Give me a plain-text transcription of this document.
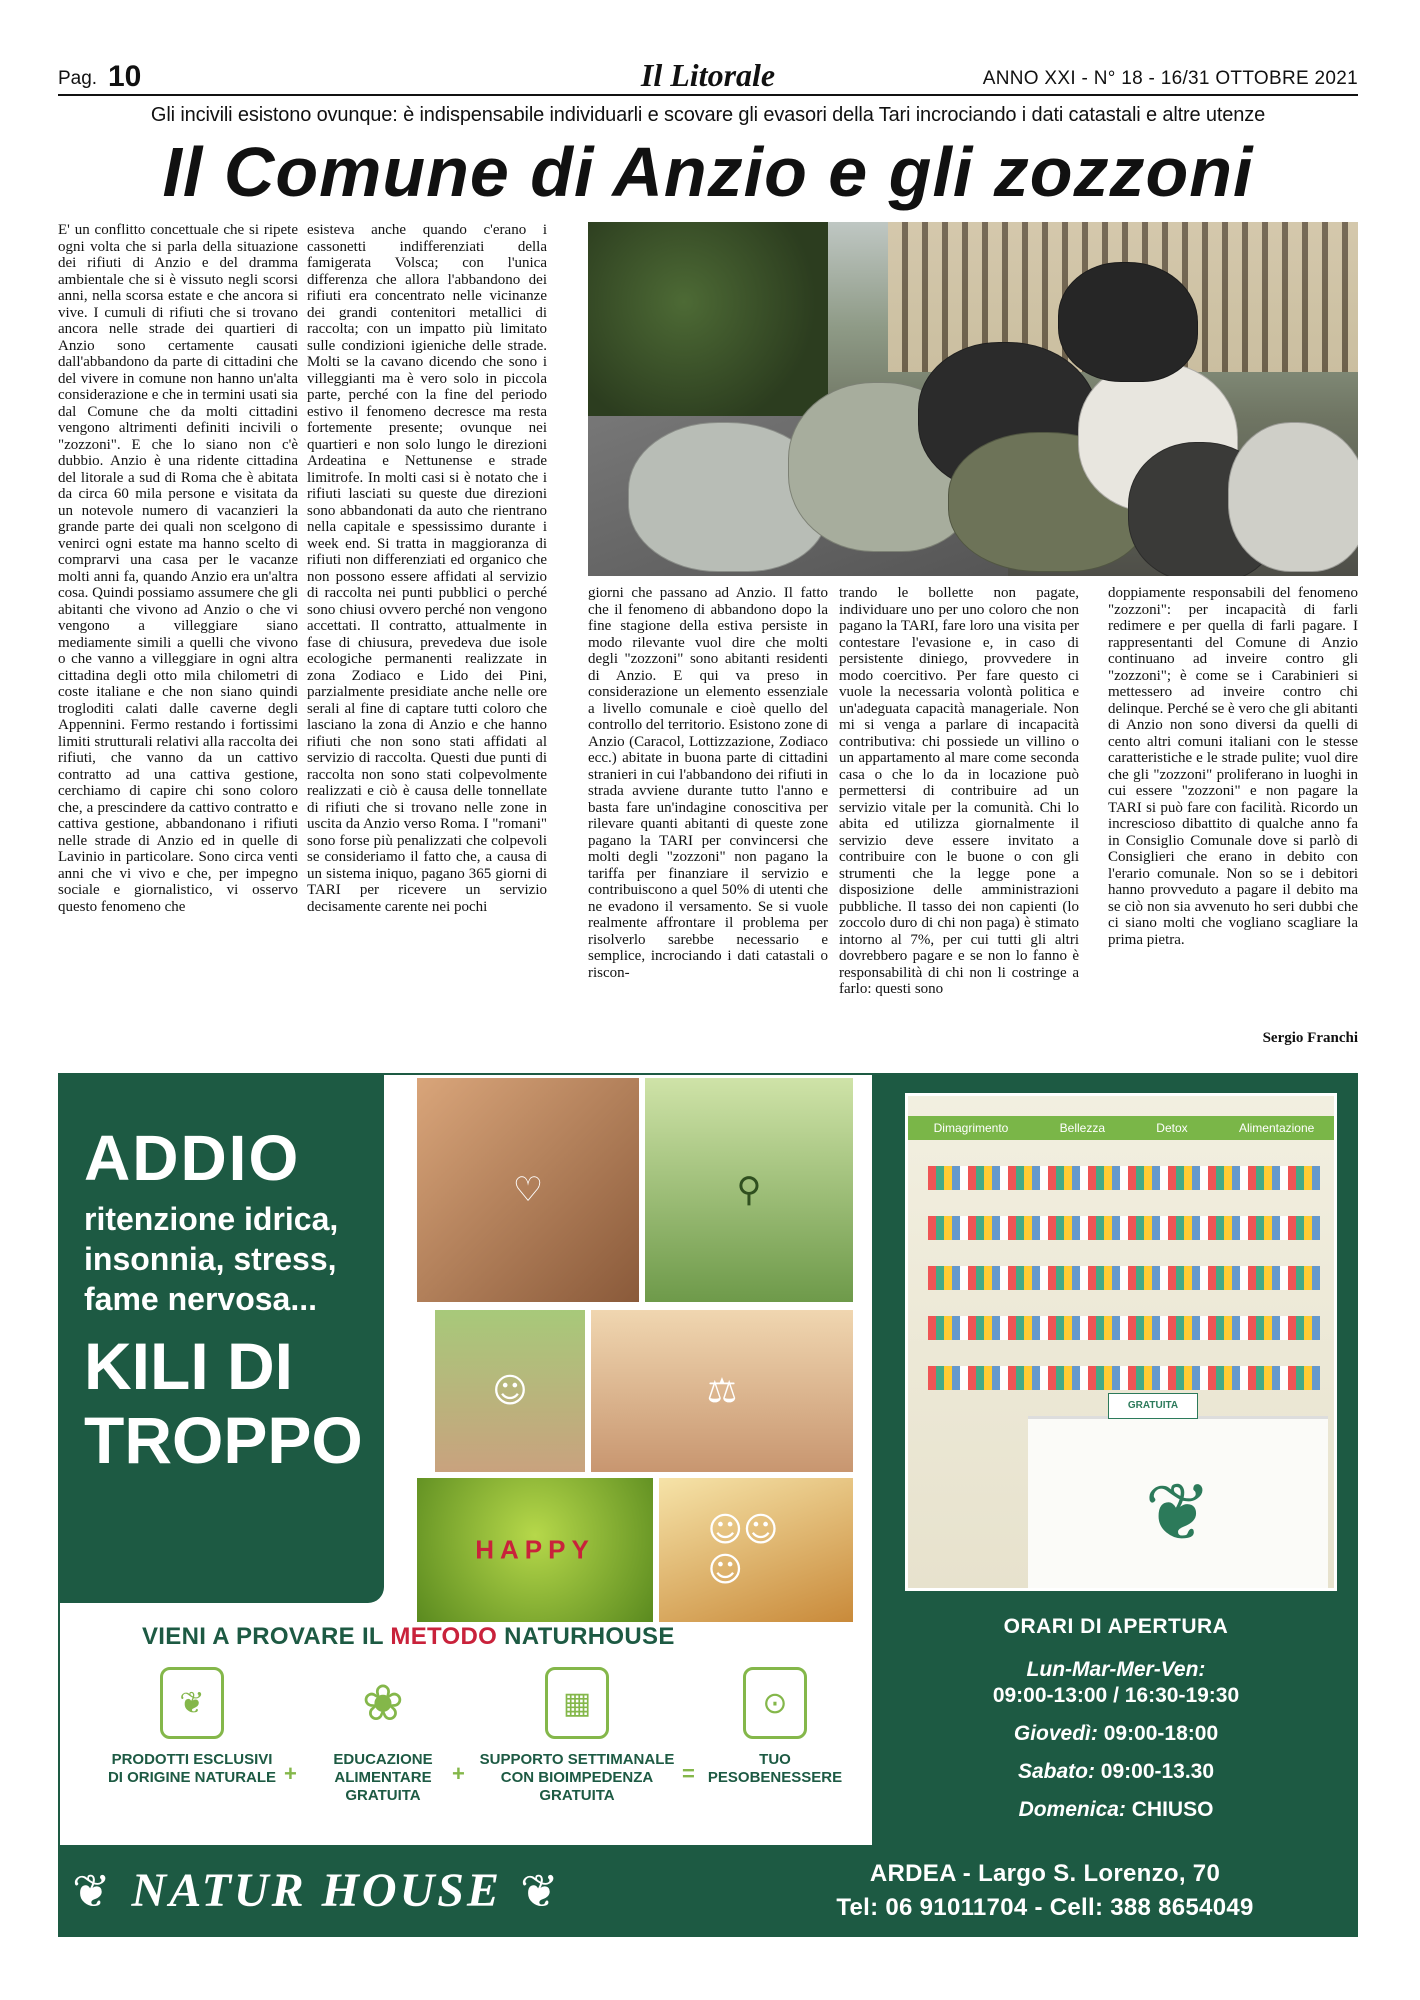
Pag. 10	Il Litorale	ANNO XXI - N° 18 - 16/31 OTTOBRE 2021
Gli incivili esistono ovunque: è indispensabile individuarli e scovare gli evasori della Tari incrociando i dati catastali e altre utenze
Il Comune di Anzio e gli zozzoni

E' un conflitto concettuale che si ripete ogni volta che si parla della situazione dei rifiuti di Anzio e del dramma ambientale che si è vissuto negli scorsi anni, nella scorsa estate e che ancora si vive. I cumuli di rifiuti che si trovano ancora nelle strade dei quartieri di Anzio sono certamente causati dall'abbandono da parte di cittadini che del vivere in comune non hanno un'alta considerazione e che in termini usati sia dal Comune che da molti cittadini vengono altrimenti definiti incivili o "zozzoni". E che lo siano non c'è dubbio. Anzio è una ridente cittadina del litorale a sud di Roma che è abitata da circa 60 mila persone e visitata da un notevole numero di vacanzieri la grande parte dei quali non scelgono di venirci ogni estate ma hanno scelto di comprarvi una casa per le vacanze molti anni fa, quando Anzio era un'altra cosa. Quindi possiamo assumere che gli abitanti che vivono ad Anzio o che vi vengono a villeggiare siano mediamente simili a quelli che vivono o che vanno a villeggiare in ogni altra cittadina degli otto mila chilometri di coste italiane e che non siano quindi trogloditi calati dalle caverne degli Appennini. Fermo restando i fortissimi limiti strutturali relativi alla raccolta dei rifiuti, che vanno da un cattivo contratto ad una cattiva gestione, cerchiamo di capire chi sono coloro che, a prescindere da cattivo contratto e cattiva gestione, abbandonano i rifiuti nelle strade di Anzio ed in quelle di Lavinio in particolare. Sono circa venti anni che vi vivo e che, per impegno sociale e giornalistico, vi osservo questo fenomeno che

esisteva anche quando c'erano i cassonetti indifferenziati della famigerata Volsca; con l'unica differenza che allora l'abbandono dei rifiuti era concentrato nelle vicinanze dei grandi contenitori metallici di raccolta; con un impatto più limitato sulle condizioni igieniche delle strade. Molti se la cavano dicendo che sono i villeggianti ma è vero solo in piccola parte, perché con la fine del periodo estivo il fenomeno decresce ma resta fortemente presente; ovunque nei quartieri e non solo lungo le direzioni Ardeatina e Nettunense e strade limitrofe. In molti casi si è notato che i rifiuti lasciati su queste due direzioni sono abbandonati da auto che rientrano nella capitale e spessissimo durante i week end. Si tratta in maggioranza di rifiuti non differenziati ed organico che non possono essere affidati al servizio di raccolta nei punti pubblici o perché sono chiusi ovvero perché non vengono accettati. Il contratto, attualmente in fase di chiusura, prevedeva due isole ecologiche permanenti realizzate in zona Zodiaco e Lido dei Pini, parzialmente presidiate anche nelle ore serali al fine di captare tutti coloro che lasciano la zona di Anzio e che hanno rifiuti che non sono stati affidati al servizio di raccolta. Questi due punti di raccolta non sono stati colpevolmente realizzati e ciò è causa delle tonnellate di rifiuti che si trovano nelle zone in uscita da Anzio verso Roma. I "romani" sono forse più penalizzati che colpevoli se consideriamo il fatto che, a causa di un sistema iniquo, pagano 365 giorni di TARI per ricevere un servizio decisamente carente nei pochi

giorni che passano ad Anzio. Il fatto che il fenomeno di abbandono dopo la fine stagione della estiva persiste in modo rilevante vuol dire che molti degli "zozzoni" sono abitanti residenti di Anzio. E qui va preso in considerazione un elemento essenziale a livello comunale e cioè quello del controllo del territorio. Esistono zone di Anzio (Caracol, Lottizzazione, Zodiaco ecc.) abitate in buona parte di cittadini stranieri in cui l'abbandono dei rifiuti in strada avviene durante tutto l'anno e basta fare un'indagine conoscitiva per rilevare quanti abitanti di queste zone pagano la TARI per convincersi che molti degli "zozzoni" non pagano la tariffa per finanziare il servizio e contribuiscono a quel 50% di utenti che ne evadono il versamento. Se si vuole realmente affrontare il problema per risolverlo sarebbe necessario e semplice, incrociando i dati catastali o riscon-

trando le bollette non pagate, individuare uno per uno coloro che non pagano la TARI, fare loro una visita per contestare l'evasione e, in caso di persistente diniego, provvedere in modo coercitivo. Per fare questo ci vuole la necessaria volontà politica e un'adeguata capacità manageriale. Non mi si venga a parlare di incapacità contributiva: chi possiede un villino o un appartamento al mare come seconda casa o che lo da in locazione può permettersi di contribuire ad un servizio vitale per la comunità. Chi lo abita ed utilizza giornalmente il servizio deve essere invitato a contribuire con le buone o con gli strumenti che la legge pone a disposizione delle amministrazioni pubbliche. Il tasso dei non capienti (lo zoccolo duro di chi non paga) è stimato intorno al 7%, per cui tutti gli altri dovrebbero pagare e se non lo fanno è responsabilità di chi non li costringe a farlo: questi sono

doppiamente responsabili del fenomeno "zozzoni": per incapacità di farli redimere e per quella di farli pagare. I rappresentanti del Comune di Anzio continuano ad inveire contro gli "zozzoni"; è come se i Carabinieri si mettessero ad inveire contro chi delinque. Perché se è vero che gli abitanti di Anzio non sono diversi da quelli di cento altri comuni italiani con le stesse caratteristiche e le strade pulite; vuol dire che gli "zozzoni" proliferano in luoghi in cui essere "zozzoni" e non pagare la TARI si può fare con facilità. Ricordo un increscioso dibattito di qualche anno fa in Consiglio Comunale dove si parlò di Consiglieri che erano in debito con l'erario comunale. Non so se i debitori hanno provveduto a pagare il debito ma se ciò non sia avvenuto ho seri dubbi che ci siano molti che vogliano scagliare la prima pietra.

Sergio Franchi
ADDIO
ritenzione idrica,
insonnia, stress,
fame nervosa...
KILI DI
TROPPO
♡	⚲
☺	⚖
HAPPY	☺☺☺
VIENI A PROVARE IL METODO NATURHOUSE
❦
PRODOTTI ESCLUSIVI
DI ORIGINE NATURALE +
❀
EDUCAZIONE
ALIMENTARE
GRATUITA
+
▦
SUPPORTO SETTIMANALE
CON BIOIMPEDENZA
GRATUITA
=
⊙
TUO
PESOBENESSERE
Dimagrimento	Bellezza	Detox	Alimentazione
GRATUITA
❦
ORARI DI APERTURA
Lun-Mar-Mer-Ven:
09:00-13:00 / 16:30-19:30
Giovedì: 09:00-18:00
Sabato: 09:00-13.30
Domenica: CHIUSO
❦ NATUR HOUSE ❦	ARDEA - Largo S. Lorenzo, 70
Tel: 06 91011704 - Cell: 388 8654049
